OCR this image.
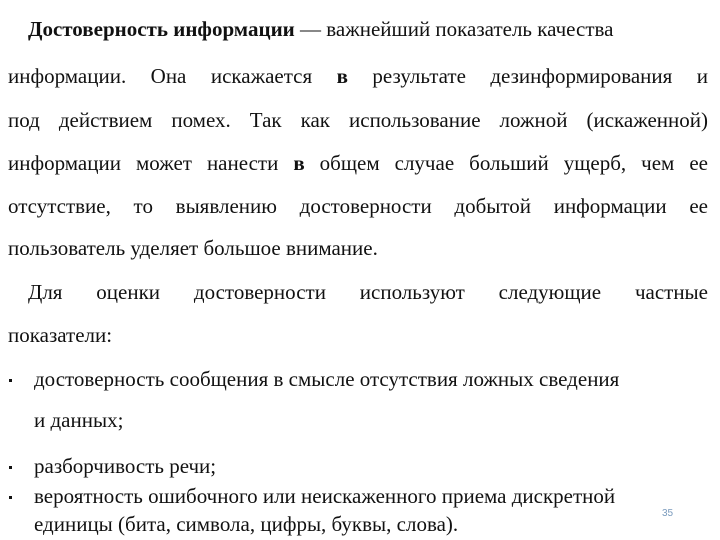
Достоверность информации — важнейший показатель качества
информации. Она искажается в результате дезинформирования и
под действием помех. Так как использование ложной (искаженной)
информации может нанести в общем случае больший ущерб, чем ее
отсутствие, то выявлению достоверности добытой информации ее
пользователь уделяет большое внимание.
Для оценки достоверности используют следующие частные
показатели:
достоверность сообщения в смысле отсутствия ложных сведения
и данных;
разборчивость речи;
вероятность ошибочного или неискаженного приема дискретной
единицы (бита, символа, цифры, буквы, слова).	35
